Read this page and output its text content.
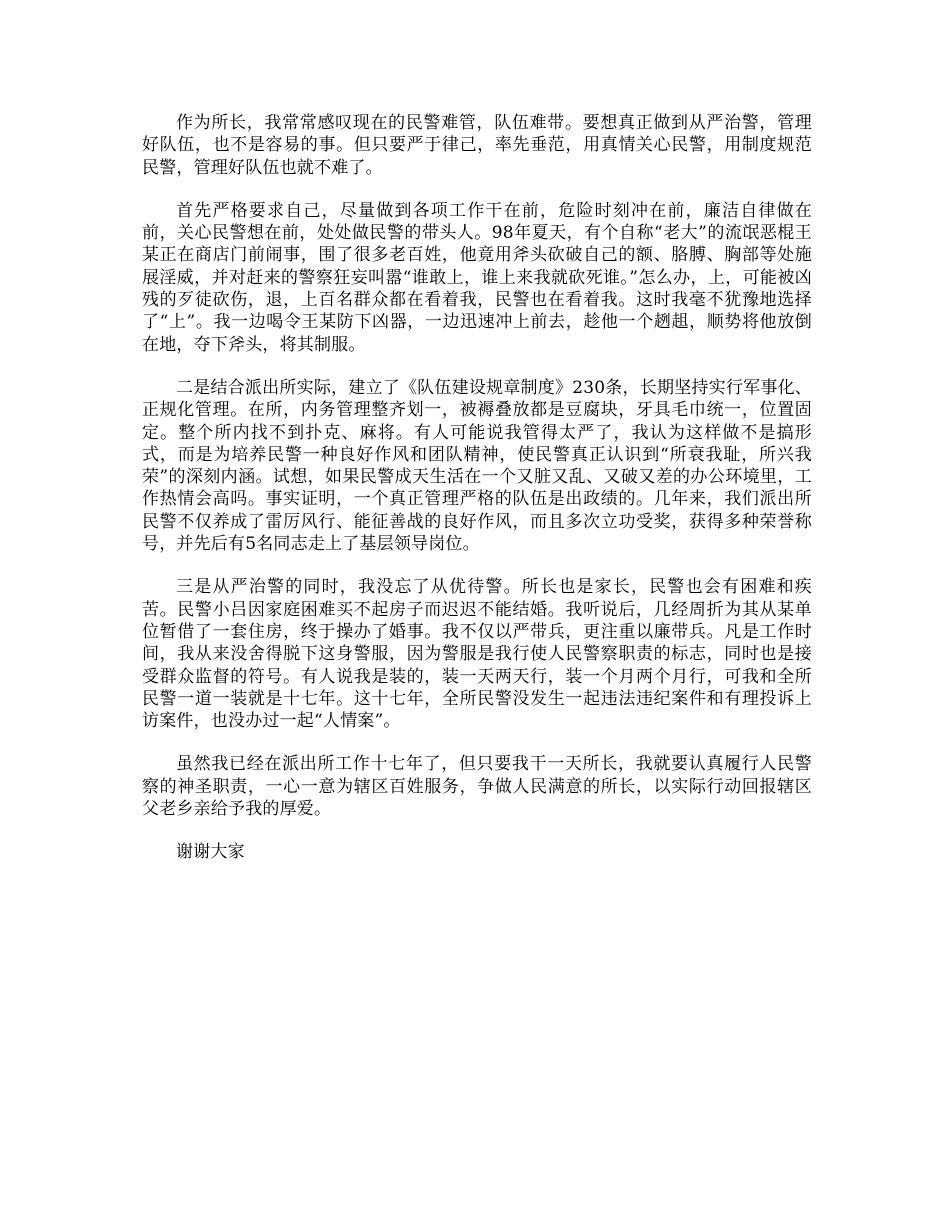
作为所长，我常常感叹现在的民警难管，队伍难带。要想真正做到从严治警，管理好队伍，也不是容易的事。但只要严于律己，率先垂范，用真情关心民警，用制度规范民警，管理好队伍也就不难了。

首先严格要求自己，尽量做到各项工作干在前，危险时刻冲在前，廉洁自律做在前，关心民警想在前，处处做民警的带头人。98年夏天，有个自称“老大”的流氓恶棍王某正在商店门前闹事，围了很多老百姓，他竟用斧头砍破自己的额、胳膊、胸部等处施展淫威，并对赶来的警察狂妄叫嚣“谁敢上，谁上来我就砍死谁。”怎么办，上，可能被凶残的歹徒砍伤，退，上百名群众都在看着我，民警也在看着我。这时我毫不犹豫地选择了“上”。我一边喝令王某防下凶器，一边迅速冲上前去，趁他一个趔趄，顺势将他放倒在地，夺下斧头，将其制服。

二是结合派出所实际，建立了《队伍建设规章制度》230条，长期坚持实行军事化、正规化管理。在所，内务管理整齐划一，被褥叠放都是豆腐块，牙具毛巾统一，位置固定。整个所内找不到扑克、麻将。有人可能说我管得太严了，我认为这样做不是搞形式，而是为培养民警一种良好作风和团队精神，使民警真正认识到“所衰我耻，所兴我荣”的深刻内涵。试想，如果民警成天生活在一个又脏又乱、又破又差的办公环境里，工作热情会高吗。事实证明，一个真正管理严格的队伍是出政绩的。几年来，我们派出所民警不仅养成了雷厉风行、能征善战的良好作风，而且多次立功受奖，获得多种荣誉称号，并先后有5名同志走上了基层领导岗位。

三是从严治警的同时，我没忘了从优待警。所长也是家长，民警也会有困难和疾苦。民警小吕因家庭困难买不起房子而迟迟不能结婚。我听说后，几经周折为其从某单位暂借了一套住房，终于操办了婚事。我不仅以严带兵，更注重以廉带兵。凡是工作时间，我从来没舍得脱下这身警服，因为警服是我行使人民警察职责的标志，同时也是接受群众监督的符号。有人说我是装的，装一天两天行，装一个月两个月行，可我和全所民警一道一装就是十七年。这十七年，全所民警没发生一起违法违纪案件和有理投诉上访案件，也没办过一起“人情案”。

虽然我已经在派出所工作十七年了，但只要我干一天所长，我就要认真履行人民警察的神圣职责，一心一意为辖区百姓服务，争做人民满意的所长，以实际行动回报辖区父老乡亲给予我的厚爱。

谢谢大家
